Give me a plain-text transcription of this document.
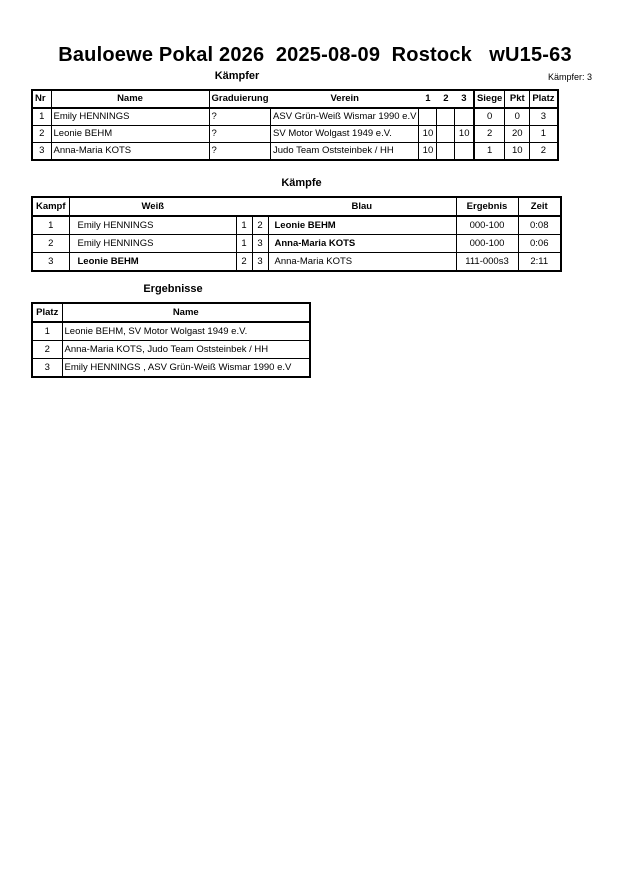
Bauloewe Pokal 2026  2025-08-09  Rostock   wU15-63
Kämpfer	Kämpfer: 3
Nr	Name	Graduierung	Verein	1	2	3	Siege	Pkt	Platz
1	Emily HENNINGS	?	ASV Grün-Weiß Wismar 1990 e.V				0	0	3
2	Leonie BEHM	?	SV Motor Wolgast 1949 e.V.	10		10	2	20	1
3	Anna-Maria KOTS	?	Judo Team Oststeinbek / HH	10			1	10	2
Kämpfe
Kampf	Weiß			Blau	Ergebnis	Zeit
1	Emily HENNINGS	1	2	Leonie BEHM	000-100	0:08
2	Emily HENNINGS	1	3	Anna-Maria KOTS	000-100	0:06
3	Leonie BEHM	2	3	Anna-Maria KOTS	111-000s3	2:11
Ergebnisse
Platz	Name
1	Leonie BEHM, SV Motor Wolgast 1949 e.V.
2	Anna-Maria KOTS, Judo Team Oststeinbek / HH
3	Emily HENNINGS , ASV Grün-Weiß Wismar 1990 e.V
